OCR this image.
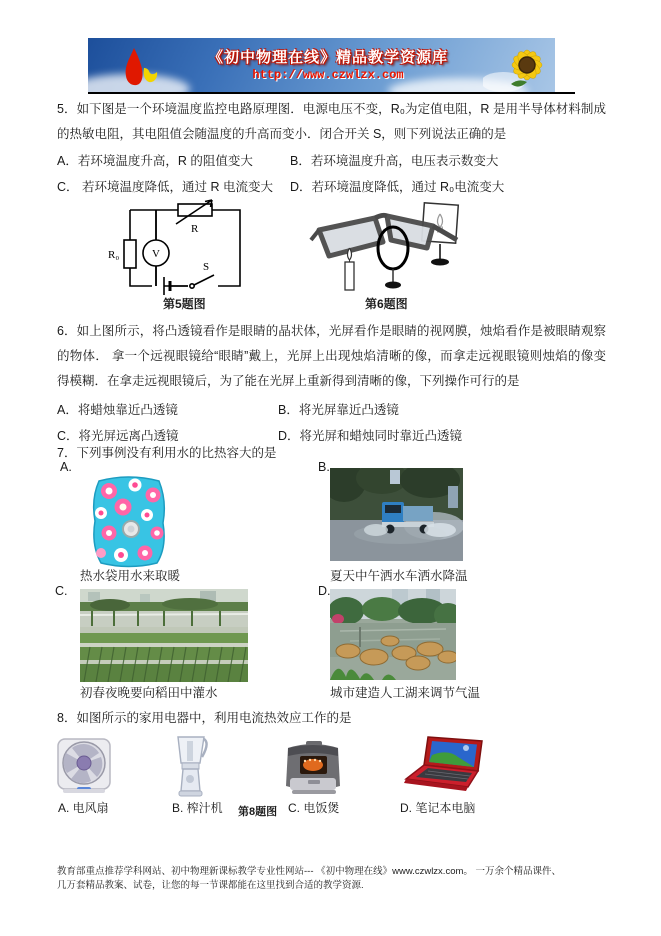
《初中物理在线》精品教学资源库
http://www.czwlzx.com
5．如下图是一个环境温度监控电路原理图．电源电压不变，R₀为定值电阻，R 是用半导体材料制成的热敏电阻，其电阻值会随温度的升高而变小．闭合开关 S，则下列说法正确的是
A．若环境温度升高，R 的阻值变大	B．若环境温度升高，电压表示数变大
C． 若环境温度降低，通过 R 电流变大	D．若环境温度降低，通过 R₀电流变大
R₀	V
R
S
第5题图	第6题图
6．如上图所示，将凸透镜看作是眼睛的晶状体，光屏看作是眼睛的视网膜，烛焰看作是被眼睛观察的物体． 拿一个远视眼镜给“眼睛”戴上，光屏上出现烛焰清晰的像，而拿走远视眼镜则烛焰的像变得模糊．在拿走远视眼镜后，为了能在光屏上重新得到清晰的像，下列操作可行的是
A．将蜡烛靠近凸透镜	B．将光屏靠近凸透镜
C．将光屏远离凸透镜	D．将光屏和蜡烛同时靠近凸透镜
7．下列事例没有利用水的比热容大的是
A.	B.
C.	D.
热水袋用水来取暖	夏天中午洒水车洒水降温
初春夜晚要向稻田中灌水	城市建造人工湖来调节气温
8．如图所示的家用电器中，利用电流热效应工作的是
A. 电风扇	B. 榨汁机 第8题图 C. 电饭煲	D. 笔记本电脑
教育部重点推荐学科网站、初中物理新课标教学专业性网站--- 《初中物理在线》www.czwlzx.com。 一万余个精品课件、
几万套精品教案、试卷，让您的每一节课都能在这里找到合适的教学资源.
